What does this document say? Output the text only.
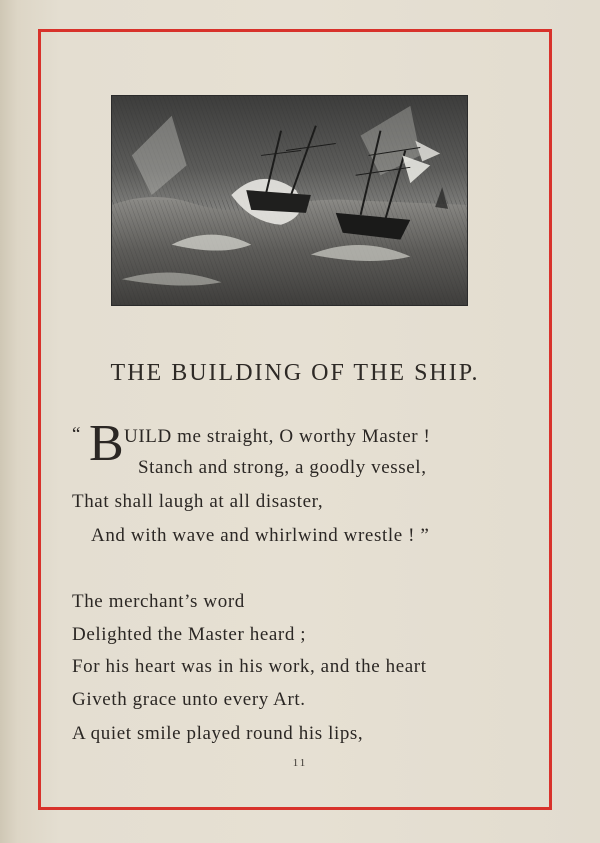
THE BUILDING OF THE SHIP.
“ B UILD me straight, O worthy Master !
Stanch and strong, a goodly vessel,
That shall laugh at all disaster,
And with wave and whirlwind wrestle ! ”
The merchant’s word
Delighted the Master heard ;
For his heart was in his work, and the heart
Giveth grace unto every Art.
A quiet smile played round his lips,
11
